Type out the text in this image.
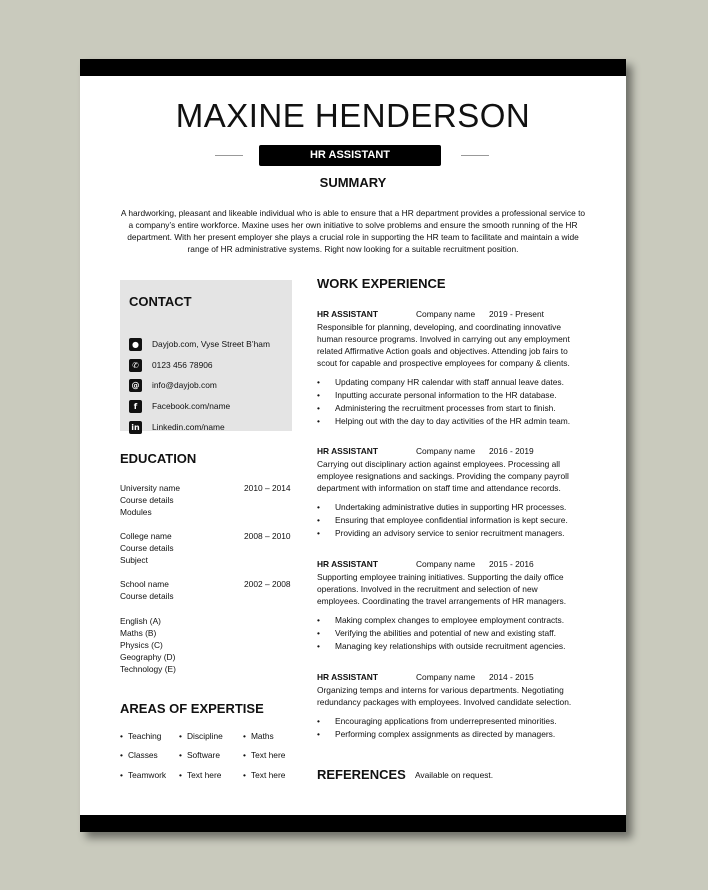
MAXINE HENDERSON
HR ASSISTANT
SUMMARY
A hardworking, pleasant and likeable individual who is able to ensure that a HR department provides a professional service to a company’s entire workforce. Maxine uses her own initiative to solve problems and ensure the smooth running of the HR department. With her present employer she plays a crucial role in supporting the HR team to facilitate and maintain a wide range of HR administrative systems. Right now looking for a suitable recruitment position.
CONTACT
●	Dayjob.com, Vyse Street B’ham
✆	0123 456 78906
@ info@dayjob.com
f	Facebook.com/name
in Linkedin.com/name
EDUCATION
University name
Course details
Modules
2010 – 2014
College name
Course details
Subject
2008 – 2010
School name
Course details
2002 – 2008
English (A)
Maths (B)
Physics (C)
Geography (D)
Technology (E)
AREAS OF EXPERTISE
• Teaching	• Discipline	• Maths
• Classes	• Software	• Text here
• Teamwork	• Text here	• Text here
WORK EXPERIENCE
HR ASSISTANT	Company name 2019 - Present
Responsible for planning, developing, and coordinating innovative human resource programs. Involved in carrying out any employment related Affirmative Action goals and objectives. Attending job fairs to scout for capable and prospective employees for company & clients.
• Updating company HR calendar with staff annual leave dates.
• Inputting accurate personal information to the HR database.
• Administering the recruitment processes from start to finish.
• Helping out with the day to day activities of the HR admin team.
HR ASSISTANT	Company name 2016 - 2019
Carrying out disciplinary action against employees. Processing all employee resignations and sackings. Providing the company payroll department with information on staff time and attendance records.
• Undertaking administrative duties in supporting HR processes.
• Ensuring that employee confidential information is kept secure.
• Providing an advisory service to senior recruitment managers.
HR ASSISTANT	Company name 2015 - 2016
Supporting employee training initiatives. Supporting the daily office operations. Involved in the recruitment and selection of new employees. Coordinating the travel arrangements of HR managers.
• Making complex changes to employee employment contracts.
• Verifying the abilities and potential of new and existing staff.
• Managing key relationships with outside recruitment agencies.
HR ASSISTANT	Company name 2014 - 2015
Organizing temps and interns for various departments. Negotiating redundancy packages with employees. Involved candidate selection.
• Encouraging applications from underrepresented minorities.
• Performing complex assignments as directed by managers.
REFERENCES Available on request.
